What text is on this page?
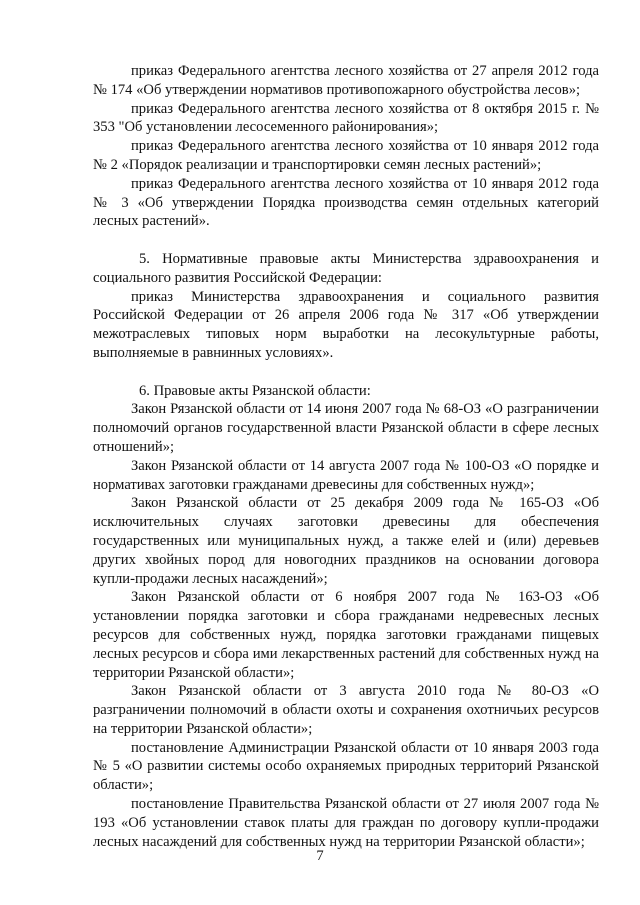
приказ Федерального агентства лесного хозяйства от 27 апреля 2012 года № 174 «Об утверждении нормативов противопожарного обустройства лесов»;

приказ Федерального агентства лесного хозяйства от 8 октября 2015 г. № 353 "Об установлении лесосеменного районирования»;

приказ Федерального агентства лесного хозяйства от 10 января 2012 года № 2 «Порядок реализации и транспортировки семян лесных растений»;

приказ Федерального агентства лесного хозяйства от 10 января 2012 года № 3 «Об утверждении Порядка производства семян отдельных категорий лесных растений».

5. Нормативные правовые акты Министерства здравоохранения и социального развития Российской Федерации:

приказ Министерства здравоохранения и социального развития Российской Федерации от 26 апреля 2006 года № 317 «Об утверждении межотраслевых типовых норм выработки на лесокультурные работы, выполняемые в равнинных условиях».

6. Правовые акты Рязанской области:

Закон Рязанской области от 14 июня 2007 года № 68-ОЗ «О разграничении полномочий органов государственной власти Рязанской области в сфере лесных отношений»;

Закон Рязанской области от 14 августа 2007 года № 100-ОЗ «О порядке и нормативах заготовки гражданами древесины для собственных нужд»;

Закон Рязанской области от 25 декабря 2009 года № 165-ОЗ «Об исключительных случаях заготовки древесины для обеспечения государственных или муниципальных нужд, а также елей и (или) деревьев других хвойных пород для новогодних праздников на основании договора купли-продажи лесных насаждений»;

Закон Рязанской области от 6 ноября 2007 года № 163-ОЗ «Об установлении порядка заготовки и сбора гражданами недревесных лесных ресурсов для собственных нужд, порядка заготовки гражданами пищевых лесных ресурсов и сбора ими лекарственных растений для собственных нужд на территории Рязанской области»;

Закон Рязанской области от 3 августа 2010 года № 80-ОЗ «О разграничении полномочий в области охоты и сохранения охотничьих ресурсов на территории Рязанской области»;

постановление Администрации Рязанской области от 10 января 2003 года № 5 «О развитии системы особо охраняемых природных территорий Рязанской области»;

постановление Правительства Рязанской области от 27 июля 2007 года № 193 «Об установлении ставок платы для граждан по договору купли-продажи лесных насаждений для собственных нужд на территории Рязанской области»;

7
